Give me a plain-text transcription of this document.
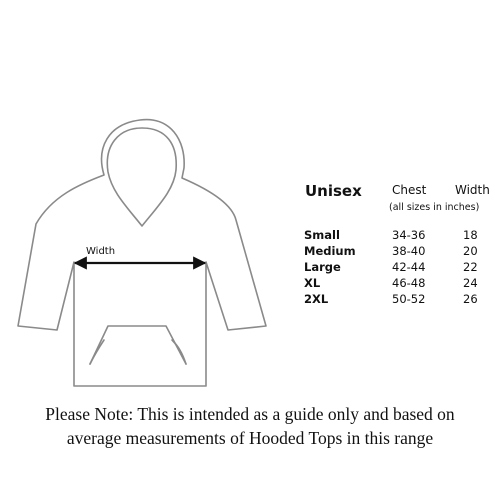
Width
Unisex	Chest Width
(all sizes in inches)
Small	34-36	18
Medium	38-40	20
Large	42-44	22
XL	46-48	24
2XL	50-52	26
Please Note: This is intended as a guide only and based on
average measurements of Hooded Tops in this range
